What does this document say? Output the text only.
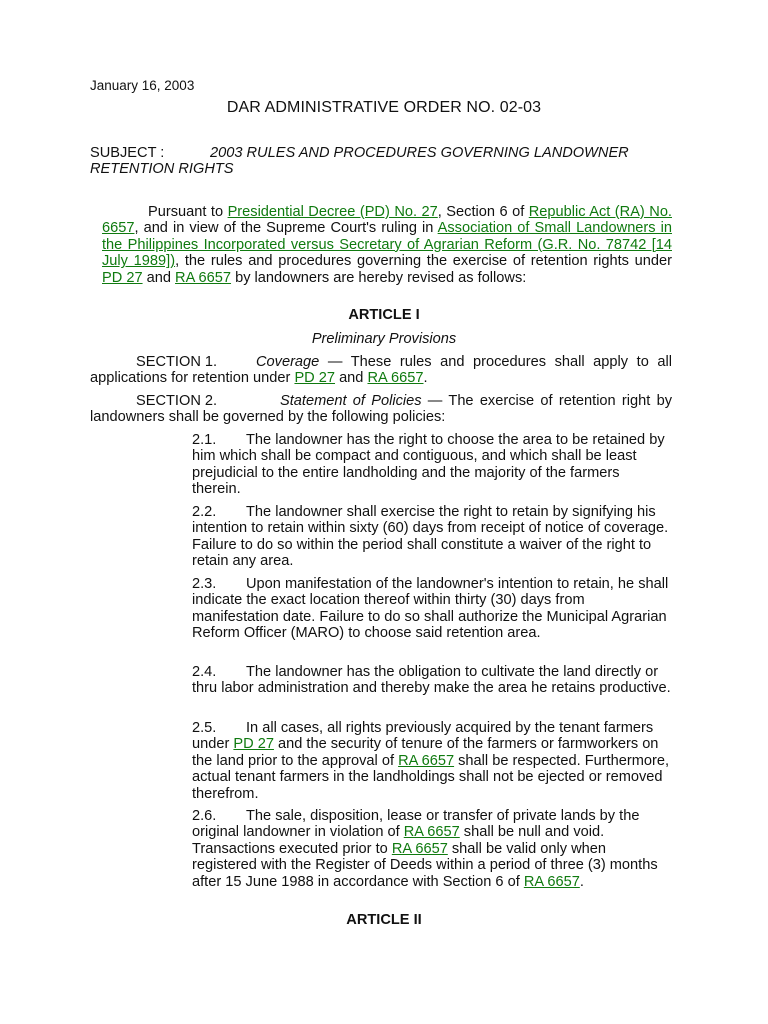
January 16, 2003
DAR ADMINISTRATIVE ORDER NO. 02-03
SUBJECT :	2003 RULES AND PROCEDURES GOVERNING LANDOWNER RETENTION RIGHTS

Pursuant to Presidential Decree (PD) No. 27, Section 6 of Republic Act (RA) No. 6657, and in view of the Supreme Court's ruling in Association of Small Landowners in the Philippines Incorporated versus Secretary of Agrarian Reform (G.R. No. 78742 [14 July 1989]), the rules and procedures governing the exercise of retention rights under PD 27 and RA 6657 by landowners are hereby revised as follows:

ARTICLE I
Preliminary Provisions

SECTION 1.	Coverage — These rules and procedures shall apply to all applications for retention under PD 27 and RA 6657.

SECTION 2.	Statement of Policies — The exercise of retention right by landowners shall be governed by the following policies:

2.1. The landowner has the right to choose the area to be retained by him which shall be compact and contiguous, and which shall be least prejudicial to the entire landholding and the majority of the farmers therein.

2.2. The landowner shall exercise the right to retain by signifying his intention to retain within sixty (60) days from receipt of notice of coverage. Failure to do so within the period shall constitute a waiver of the right to retain any area.

2.3. Upon manifestation of the landowner's intention to retain, he shall indicate the exact location thereof within thirty (30) days from manifestation date. Failure to do so shall authorize the Municipal Agrarian Reform Officer (MARO) to choose said retention area.

2.4. The landowner has the obligation to cultivate the land directly or thru labor administration and thereby make the area he retains productive.

2.5. In all cases, all rights previously acquired by the tenant farmers under PD 27 and the security of tenure of the farmers or farmworkers on the land prior to the approval of RA 6657 shall be respected. Furthermore, actual tenant farmers in the landholdings shall not be ejected or removed therefrom.

2.6. The sale, disposition, lease or transfer of private lands by the original landowner in violation of RA 6657 shall be null and void. Transactions executed prior to RA 6657 shall be valid only when registered with the Register of Deeds within a period of three (3) months after 15 June 1988 in accordance with Section 6 of RA 6657.

ARTICLE II
